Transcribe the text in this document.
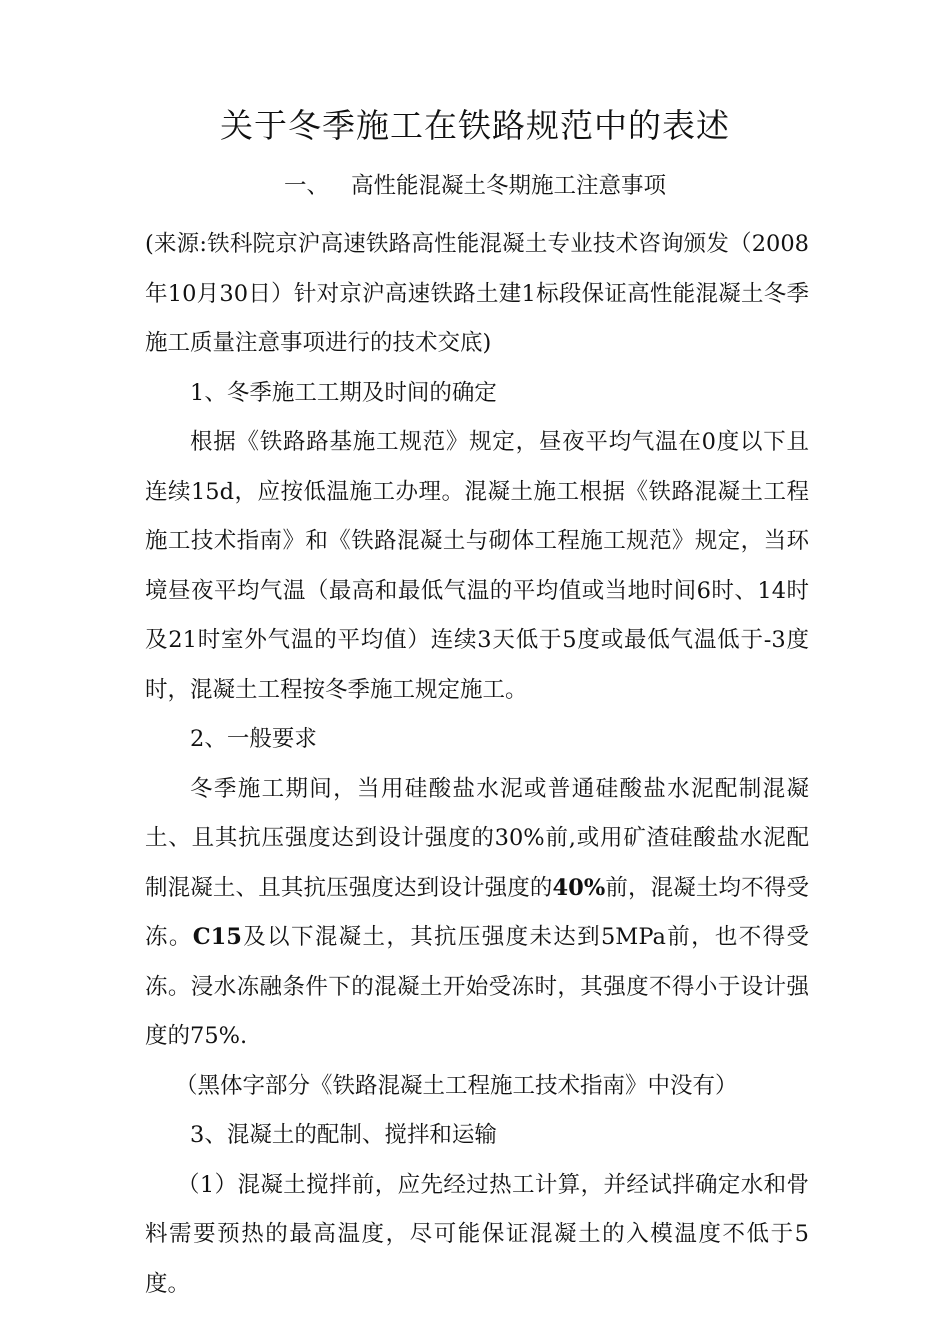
关于冬季施工在铁路规范中的表述
一、 高性能混凝土冬期施工注意事项

(来源:铁科院京沪高速铁路高性能混凝土专业技术咨询颁发（2008年10月30日）针对京沪高速铁路土建1标段保证高性能混凝土冬季施工质量注意事项进行的技术交底)

1、冬季施工工期及时间的确定

根据《铁路路基施工规范》规定，昼夜平均气温在0度以下且连续15d，应按低温施工办理。混凝土施工根据《铁路混凝土工程施工技术指南》和《铁路混凝土与砌体工程施工规范》规定，当环境昼夜平均气温（最高和最低气温的平均值或当地时间6时、14时及21时室外气温的平均值）连续3天低于5度或最低气温低于-3度时，混凝土工程按冬季施工规定施工。

2、一般要求

冬季施工期间，当用硅酸盐水泥或普通硅酸盐水泥配制混凝土、且其抗压强度达到设计强度的30%前,或用矿渣硅酸盐水泥配制混凝土、且其抗压强度达到设计强度的40%前，混凝土均不得受冻。C15及以下混凝土，其抗压强度未达到5MPa前，也不得受冻。浸水冻融条件下的混凝土开始受冻时，其强度不得小于设计强度的75%.

（黑体字部分《铁路混凝土工程施工技术指南》中没有）

3、混凝土的配制、搅拌和运输

（1）混凝土搅拌前，应先经过热工计算，并经试拌确定水和骨料需要预热的最高温度，尽可能保证混凝土的入模温度不低于5度。
